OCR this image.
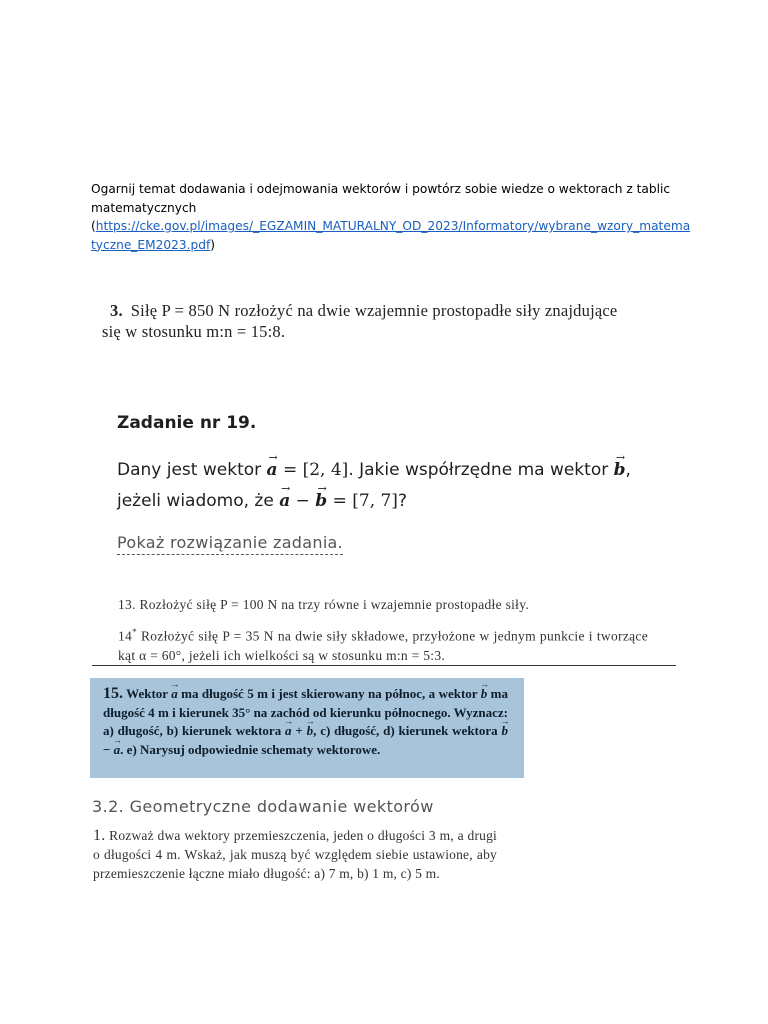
Ogarnij temat dodawania i odejmowania wektorów i powtórz sobie wiedze o wektorach z tablic matematycznych
(https://cke.gov.pl/images/_EGZAMIN_MATURALNY_OD_2023/Informatory/wybrane_wzory_matematyczne_EM2023.pdf)
3. Siłę P = 850 N rozłożyć na dwie wzajemnie prostopadłe siły znajdujące
się w stosunku m:n = 15:8.
Zadanie nr 19.
Dany jest wektor → a = [2, 4]. Jakie współrzędne ma wektor → b,
jeżeli wiadomo, że → a − → b = [7, 7]?
Pokaż rozwiązanie zadania.
13. Rozłożyć siłę P = 100 N na trzy równe i wzajemnie prostopadłe siły.
14* Rozłożyć siłę P = 35 N na dwie siły składowe, przyłożone w jednym punkcie i tworzące kąt α = 60°, jeżeli ich wielkości są w stosunku m:n = 5:3.
15. Wektor → a ma długość 5 m i jest skierowany na północ, a wektor → b ma długość 4 m i kierunek 35° na zachód od kierunku północnego. Wyznacz: a) długość, b) kierunek wektora → a + → b, c) długość, d) kierunek wektora → b − → a. e) Narysuj odpowiednie schematy wektorowe.
3.2. Geometryczne dodawanie wektorów
1. Rozważ dwa wektory przemieszczenia, jeden o długości 3 m, a drugi o długości 4 m. Wskaż, jak muszą być względem siebie ustawione, aby przemieszczenie łączne miało długość: a) 7 m, b) 1 m, c) 5 m.
